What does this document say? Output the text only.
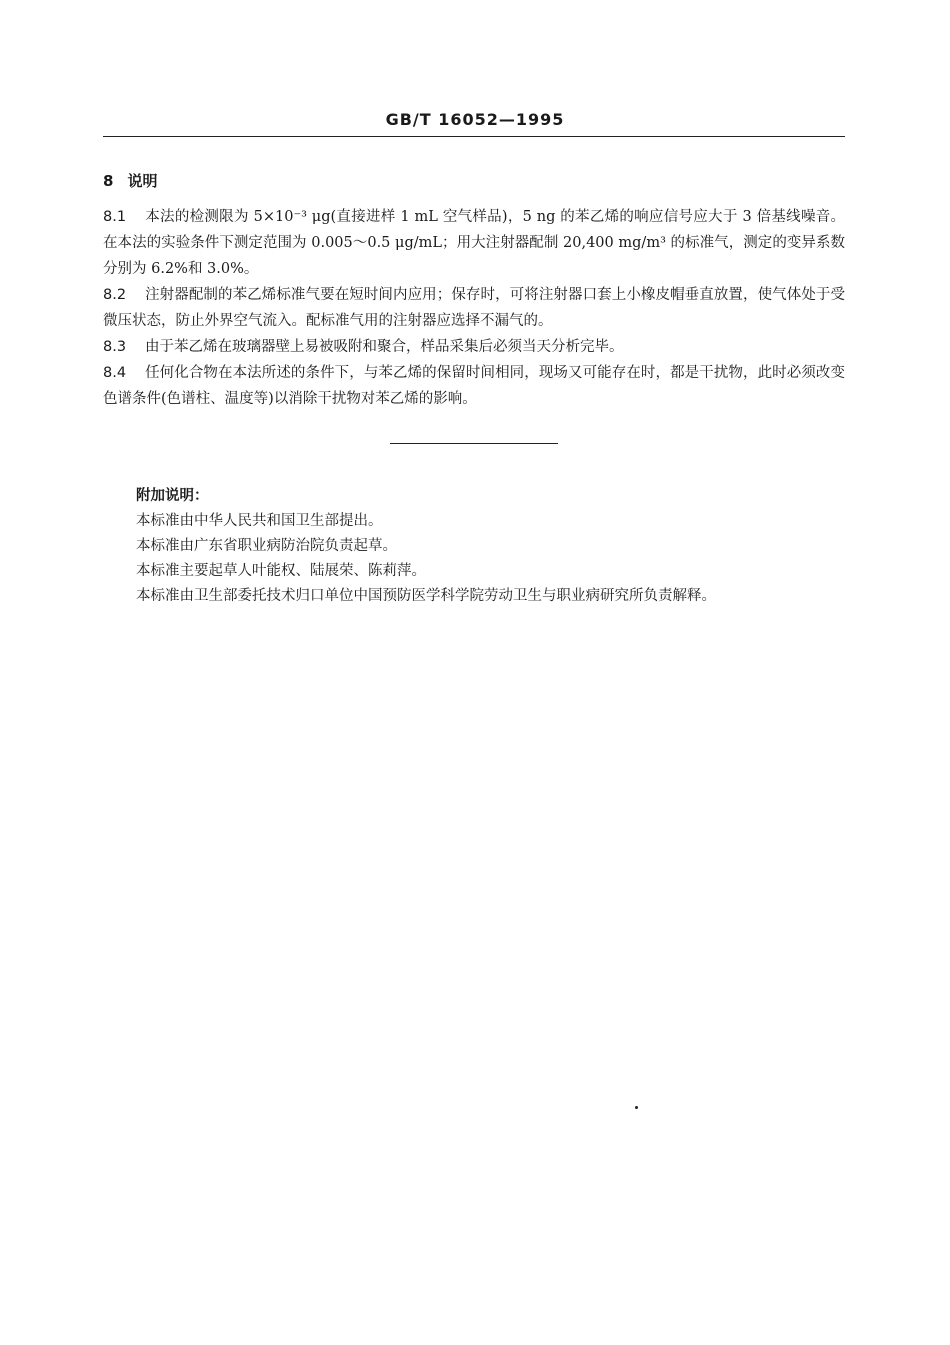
GB/T 16052—1995
8 说明
8.1 本法的检测限为 5×10⁻³ μg(直接进样 1 mL 空气样品)，5 ng 的苯乙烯的响应信号应大于 3 倍基线噪音。在本法的实验条件下测定范围为 0.005～0.5 μg/mL；用大注射器配制 20,400 mg/m³ 的标准气，测定的变异系数分别为 6.2%和 3.0%。
8.2 注射器配制的苯乙烯标准气要在短时间内应用；保存时，可将注射器口套上小橡皮帽垂直放置，使气体处于受微压状态，防止外界空气流入。配标准气用的注射器应选择不漏气的。
8.3 由于苯乙烯在玻璃器壁上易被吸附和聚合，样品采集后必须当天分析完毕。
8.4 任何化合物在本法所述的条件下，与苯乙烯的保留时间相同，现场又可能存在时，都是干扰物，此时必须改变色谱条件(色谱柱、温度等)以消除干扰物对苯乙烯的影响。
附加说明：
本标准由中华人民共和国卫生部提出。
本标准由广东省职业病防治院负责起草。
本标准主要起草人叶能权、陆展荣、陈莉萍。
本标准由卫生部委托技术归口单位中国预防医学科学院劳动卫生与职业病研究所负责解释。
